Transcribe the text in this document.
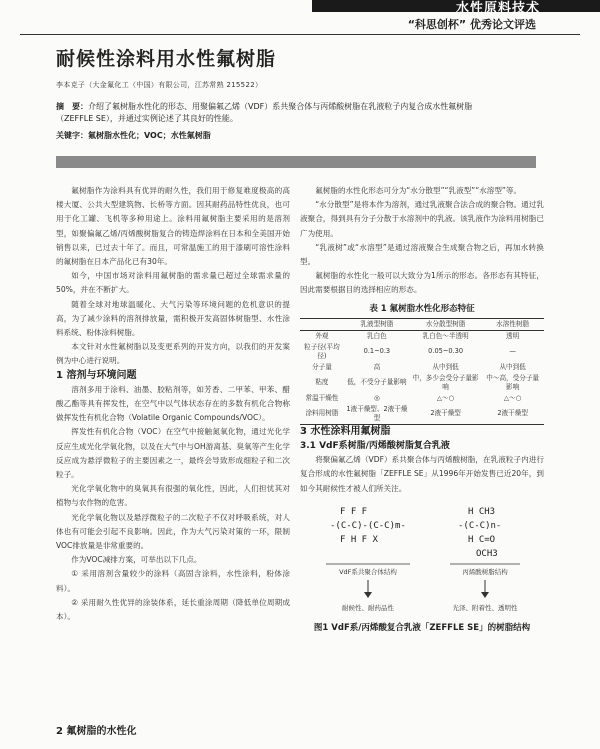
水性原料技术
“科思创杯” 优秀论文评选
耐候性涂料用水性氟树脂
李本克子（大金氟化工（中国）有限公司，江苏常熟 215522）
摘　要：介绍了氟树脂水性化的形态、用聚偏氟乙烯（VDF）系共聚合体与丙烯酸树脂在乳液粒子内复合成水性氟树脂（ZEFFLE SE），并通过实例论述了其良好的性能。
关键字：氟树脂水性化；VOC；水性氟树脂

氟树脂作为涂料具有优异的耐久性，我们用于修复难度极高的高楼大厦、公共大型建筑物、长桥等方面。因其耐药品特性优良，也可用于化工罐、飞机等多种用途上。涂料用氟树脂主要采用的是溶剂型，如聚偏氟乙烯/丙烯酸树脂复合的铸造焊涂料在日本和全美国开始销售以来，已过去十年了。而且，可常温施工的用于漆刷可溶性涂料的氟树脂在日本产品化已有30年。

如今，中国市场对涂料用氟树脂的需求量已超过全球需求量的50%，并在不断扩大。

随着全球对地球温暖化、大气污染等环境问题的危机意识的提高，为了减少涂料的溶剂排放量，需积极开发高固体树脂型、水性涂料系统、粉体涂料树脂。

本文针对水性氟树脂以及变更系列的开发方向，以我们的开发案例为中心进行说明。

1 溶剂与环境问题

溶剂多用于涂料、油墨、胶粘剂等，如芳香、二甲苯、甲苯、醋酸乙酯等具有挥发性，在空气中以气体状态存在的多数有机化合物称做挥发性有机化合物（Volatile Organic Compounds/VOC）。

挥发性有机化合物（VOC）在空气中接触氮氧化物，通过光化学反应生成光化学氧化物，以及在大气中与OH游离基、臭氧等产生化学反应成为悬浮微粒子的主要因素之一，最终会导致形成细粒子和二次粒子。

光化学氧化物中的臭氧具有很强的氧化性，因此，人们担忧其对植物与农作物的危害。

光化学氧化物以及悬浮微粒子的二次粒子不仅对呼吸系统，对人体也有可能会引起不良影响。因此，作为大气污染对策的一环，限制VOC排放量是非常重要的。

作为VOC减排方案，可举出以下几点。

① 采用溶剂含量较少的涂料（高固含涂料，水性涂料，粉体涂料）。

② 采用耐久性优异的涂装体系，延长重涂周期（降低单位周期成本）。

2 氟树脂的水性化

氟树脂的水性化形态可分为“水分散型”“乳液型”“水溶型”等。

“水分散型”是将本作为溶剂，通过乳液聚合法合成的聚合物。通过乳液聚合，得到具有分子分散于水溶剂中的乳液。该乳液作为涂料用树脂已广为使用。

“乳液树”或“水溶型”是通过溶液聚合生成聚合物之后，再加水转换型。

氟树脂的水性化一般可以大致分为1所示的形态。各形态有其特征，因此需要根据目的选择相应的形态。

表 1 氟树脂水性化形态特征
	乳液型树脂	水分散型树脂	水溶性树脂
外观	乳白色	乳白色～半透明	透明
粒子径(平均径)	0.1~0.3	0.05~0.30	—
分子量	高	从中到低	从中到低
粘度	低，不受分子量影响	中，多少会受分子量影响	中～高，受分子量影响
常温干燥性	◎	△～○	△～○
涂料用树脂	1液干燥型、2液干燥型	2液干燥型	2液干燥型

3 水性涂料用氟树脂

3.1 VdF系树脂/丙烯酸树脂复合乳液

将聚偏氟乙烯（VDF）系共聚合体与丙烯酸树脂，在乳液粒子内进行复合形成的水性氟树脂「ZEFFLE SE」从1996年开始发售已近20年，到如今其耐候性才被人们所关注。

F F F
-(C-C)-(C-C)m-
F H F X
H CH3
-(C-C)n-
H C=O
OCH3
VdF系共聚合体结构	丙烯酸树脂结构
耐候性、耐药品性	光泽、附着性、透明性
图1 VdF系/丙烯酸复合乳液「ZEFFLE SE」的树脂结构
